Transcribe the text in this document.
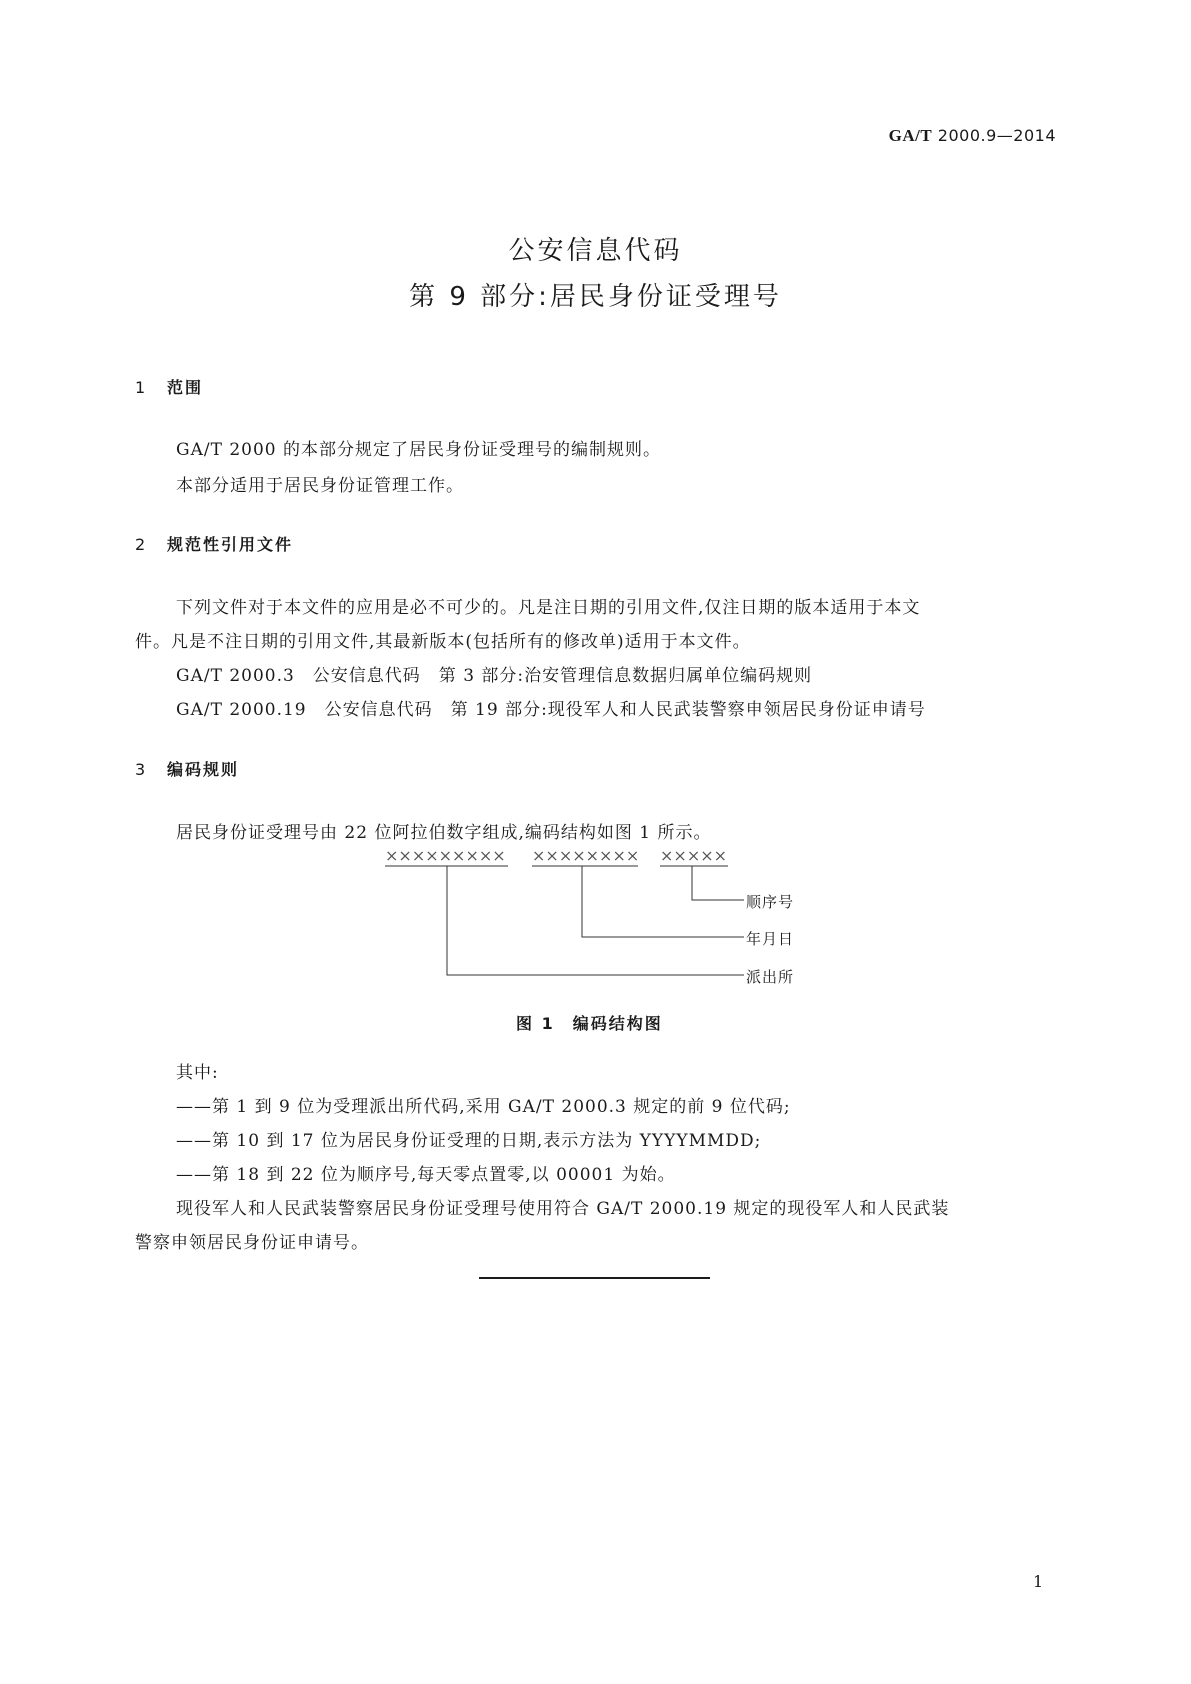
GA/T 2000.9—2014
公安信息代码
第 9 部分:居民身份证受理号
1 范围
GA/T 2000 的本部分规定了居民身份证受理号的编制规则。
本部分适用于居民身份证管理工作。
2 规范性引用文件
下列文件对于本文件的应用是必不可少的。凡是注日期的引用文件,仅注日期的版本适用于本文
件。凡是不注日期的引用文件,其最新版本(包括所有的修改单)适用于本文件。
GA/T 2000.3　公安信息代码　第 3 部分:治安管理信息数据归属单位编码规则
GA/T 2000.19　公安信息代码　第 19 部分:现役军人和人民武装警察申领居民身份证申请号
3 编码规则
居民身份证受理号由 22 位阿拉伯数字组成,编码结构如图 1 所示。
××××××××× ×××××××× ×××××
顺序号
年月日
派出所
图 1　编码结构图
其中:
——第 1 到 9 位为受理派出所代码,采用 GA/T 2000.3 规定的前 9 位代码;
——第 10 到 17 位为居民身份证受理的日期,表示方法为 YYYYMMDD;
——第 18 到 22 位为顺序号,每天零点置零,以 00001 为始。
现役军人和人民武装警察居民身份证受理号使用符合 GA/T 2000.19 规定的现役军人和人民武装
警察申领居民身份证申请号。
1
